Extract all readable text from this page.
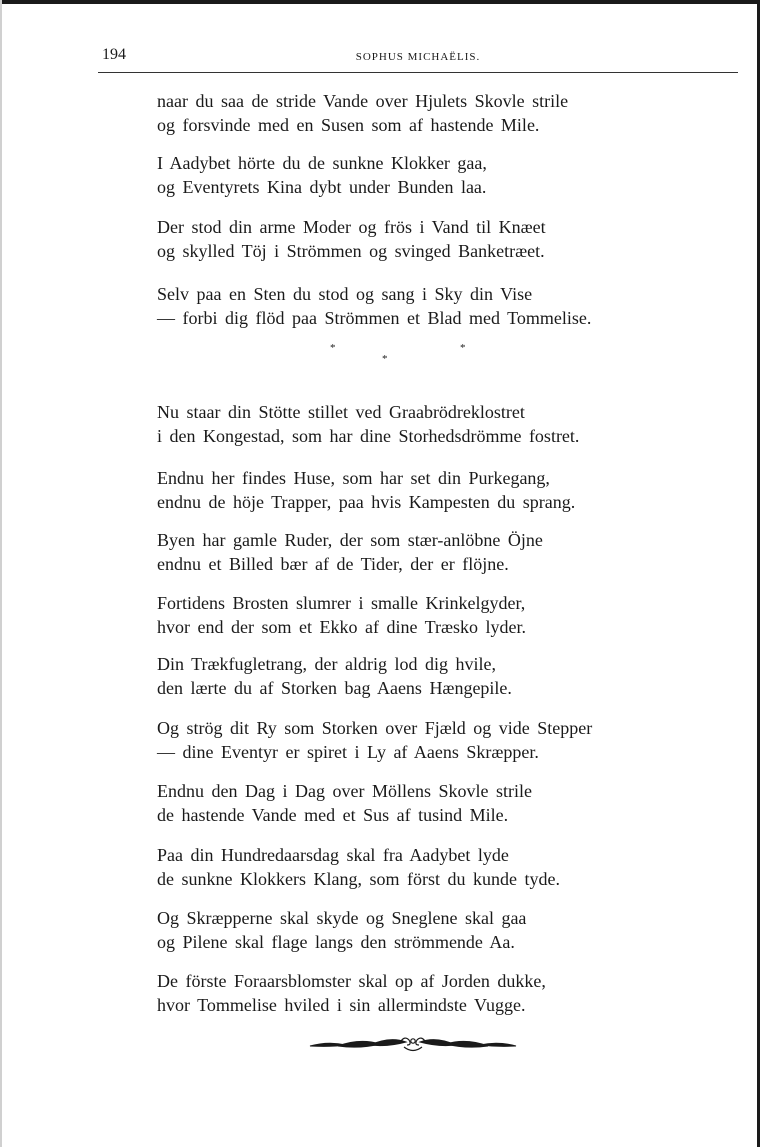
194	SOPHUS MICHAËLIS.
naar du saa de stride Vande over Hjulets Skovle strile
og forsvinde med en Susen som af hastende Mile.
I Aadybet hörte du de sunkne Klokker gaa,
og Eventyrets Kina dybt under Bunden laa.
Der stod din arme Moder og frös i Vand til Knæet
og skylled Töj i Strömmen og svinged Banketræet.
Selv paa en Sten du stod og sang i Sky din Vise
— forbi dig flöd paa Strömmen et Blad med Tommelise.
*
*
*
Nu staar din Stötte stillet ved Graabrödreklostret
i den Kongestad, som har dine Storhedsdrömme fostret.
Endnu her findes Huse, som har set din Purkegang,
endnu de höje Trapper, paa hvis Kampesten du sprang.
Byen har gamle Ruder, der som stær-anlöbne Öjne
endnu et Billed bær af de Tider, der er flöjne.
Fortidens Brosten slumrer i smalle Krinkelgyder,
hvor end der som et Ekko af dine Træsko lyder.
Din Trækfugletrang, der aldrig lod dig hvile,
den lærte du af Storken bag Aaens Hængepile.
Og strög dit Ry som Storken over Fjæld og vide Stepper
— dine Eventyr er spiret i Ly af Aaens Skræpper.
Endnu den Dag i Dag over Möllens Skovle strile
de hastende Vande med et Sus af tusind Mile.
Paa din Hundredaarsdag skal fra Aadybet lyde
de sunkne Klokkers Klang, som först du kunde tyde.
Og Skræpperne skal skyde og Sneglene skal gaa
og Pilene skal flage langs den strömmende Aa.
De förste Foraarsblomster skal op af Jorden dukke,
hvor Tommelise hviled i sin allermindste Vugge.
